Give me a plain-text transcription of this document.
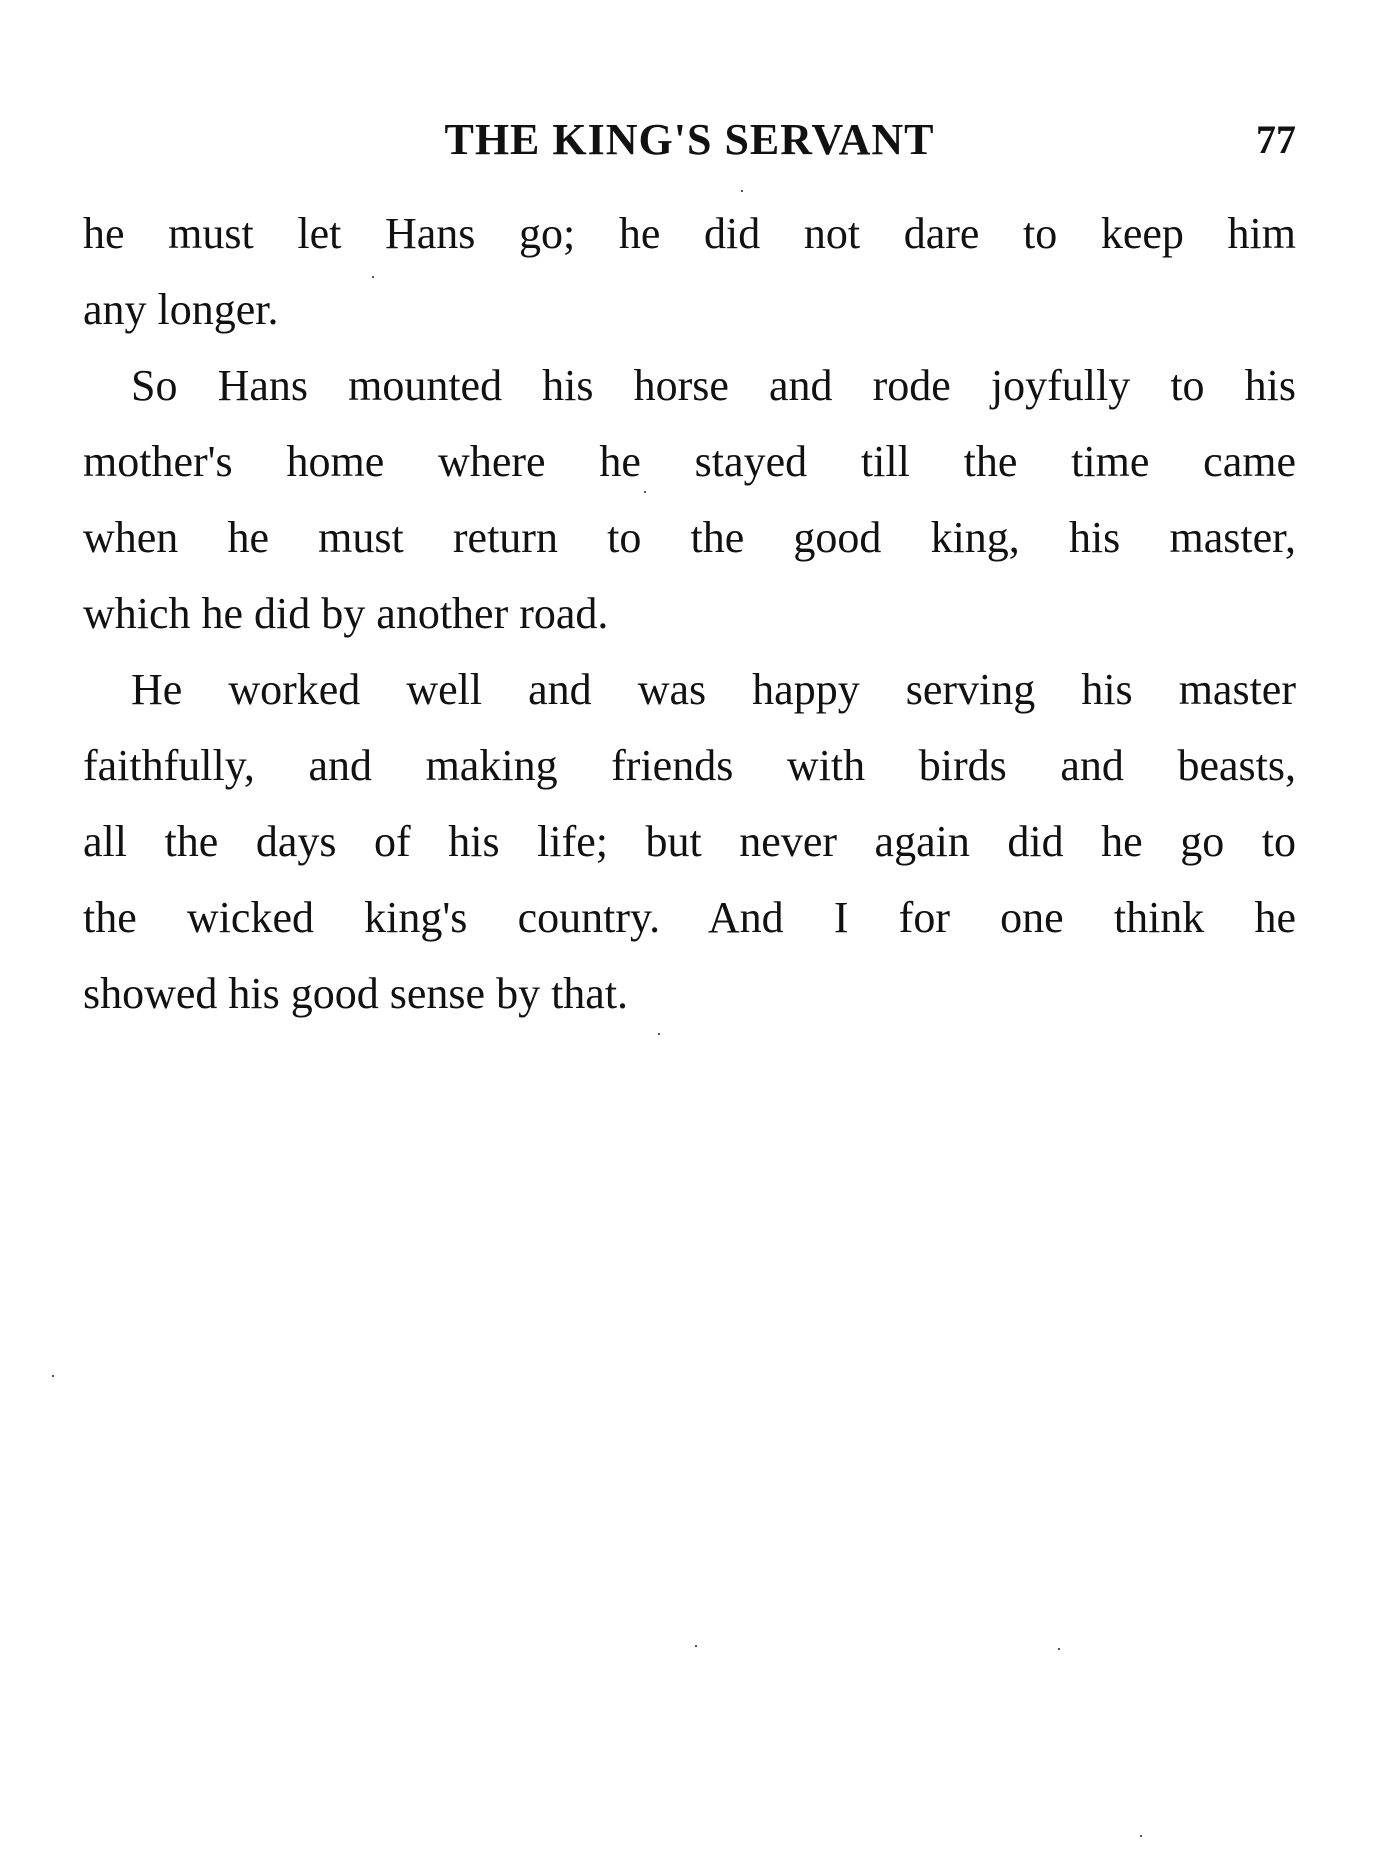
THE KING'S SERVANT	77
he must let Hans go; he did not dare to keep him
any longer.
So Hans mounted his horse and rode joyfully to his
mother's home where he stayed till the time came
when he must return to the good king, his master,
which he did by another road.
He worked well and was happy serving his master
faithfully, and making friends with birds and beasts,
all the days of his life; but never again did he go to
the wicked king's country. And I for one think he
showed his good sense by that.
